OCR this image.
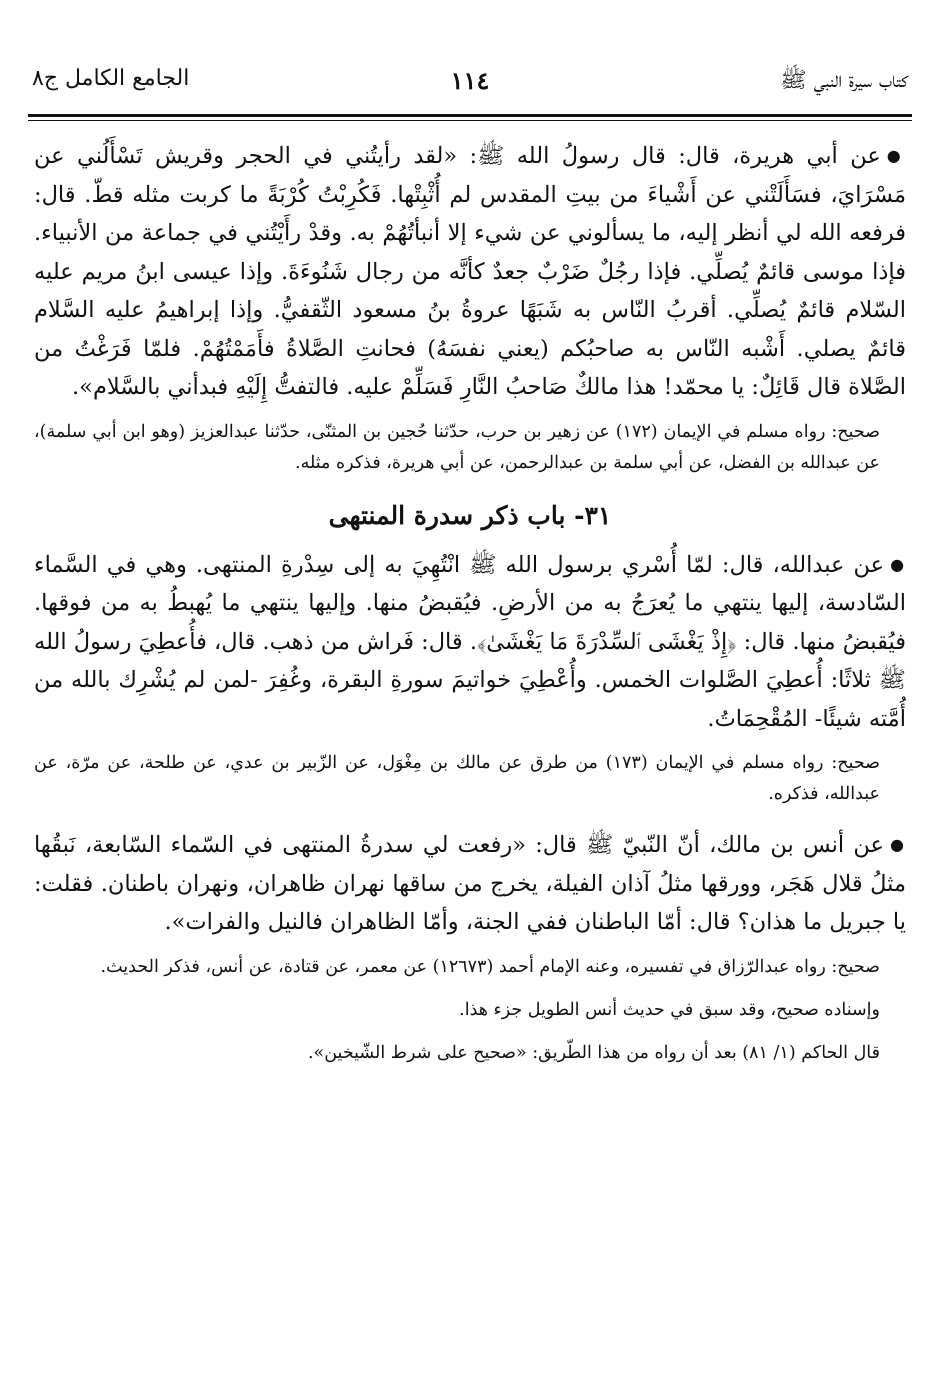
كتاب سيرة النبي ﷺ
١١٤
الجامع الكامل ج٨

●عن أبي هريرة، قال: قال رسولُ الله ﷺ: «لقد رأيتُني في الحجر وقريش تَسْأَلُني عن مَسْرَايَ، فسَأَلَتْني عن أَشْياءَ من بيتِ المقدس لم أُثْبِتْها. فَكُرِبْتُ كُرْبَةً ما كربت مثله قطّ. قال: فرفعه الله لي أنظر إليه، ما يسألوني عن شيء إلا أنبأتُهُمْ به. وقدْ رأَيْتُني في جماعة من الأنبياء. فإذا موسى قائمٌ يُصلِّي. فإذا رجُلٌ ضَرْبٌ جعدٌ كأنَّه من رجال شَنُوءَةَ. وإذا عيسى ابنُ مريم عليه السّلام قائمٌ يُصلِّي. أقربُ النّاس به شَبَهًا عروةُ بنُ مسعود الثّقفيُّ. وإذا إبراهيمُ عليه السَّلام قائمٌ يصلي. أَشْبه النّاس به صاحبُكم (يعني نفسَهُ) فحانتِ الصَّلاةُ فأَمَمْتُهُمْ. فلمّا فَرَغْتُ من الصَّلاة قال قَائِلٌ: يا محمّد! هذا مالكٌ صَاحبُ النَّارِ فَسَلِّمْ عليه. فالتفتُّ إِلَيْهِ فبدأني بالسَّلام».

صحيح: رواه مسلم في الإيمان (١٧٢) عن زهير بن حرب، حدّثنا حُجين بن المثنّى، حدّثنا عبدالعزيز (وهو ابن أبي سلمة)، عن عبدالله بن الفضل، عن أبي سلمة بن عبدالرحمن، عن أبي هريرة، فذكره مثله.

٣١- باب ذكر سدرة المنتهى

●عن عبدالله، قال: لمّا أُسْري برسول الله ﷺ انْتُهِيَ به إلى سِدْرةِ المنتهى. وهي في السَّماء السّادسة، إليها ينتهي ما يُعرَجُ به من الأرضِ. فيُقبضُ منها. وإليها ينتهي ما يُهبطُ به من فوقها. فيُقبضُ منها. قال: ﴿إِذْ يَغْشَى ٱلسِّدْرَةَ مَا يَغْشَىٰ﴾. قال: فَراش من ذهب. قال، فأُعطِيَ رسولُ الله ﷺ ثلاثًا: أُعطِيَ الصَّلوات الخمس. وأُعْطِيَ خواتيمَ سورةِ البقرة، وغُفِرَ -لمن لم يُشْرِك بالله من أُمَّته شيئًا- المُقْحِمَاتُ.

صحيح: رواه مسلم في الإيمان (١٧٣) من طرق عن مالك بن مِغْوَل، عن الزّبير بن عدي، عن طلحة، عن مرّة، عن عبدالله، فذكره.

●عن أنس بن مالك، أنّ النّبيّ ﷺ قال: «رفعت لي سدرةُ المنتهى في السّماء السّابعة، نَبقُها مثلُ قلال هَجَر، وورقها مثلُ آذان الفيلة، يخرج من ساقها نهران ظاهران، ونهران باطنان. فقلت: يا جبريل ما هذان؟ قال: أمّا الباطنان ففي الجنة، وأمّا الظاهران فالنيل والفرات».

صحيح: رواه عبدالرّزاق في تفسيره، وعنه الإمام أحمد (١٢٦٧٣) عن معمر، عن قتادة، عن أنس، فذكر الحديث.

وإسناده صحيح، وقد سبق في حديث أنس الطويل جزء هذا.

قال الحاكم (١/ ٨١) بعد أن رواه من هذا الطّريق: «صحيح على شرط الشّيخين».
